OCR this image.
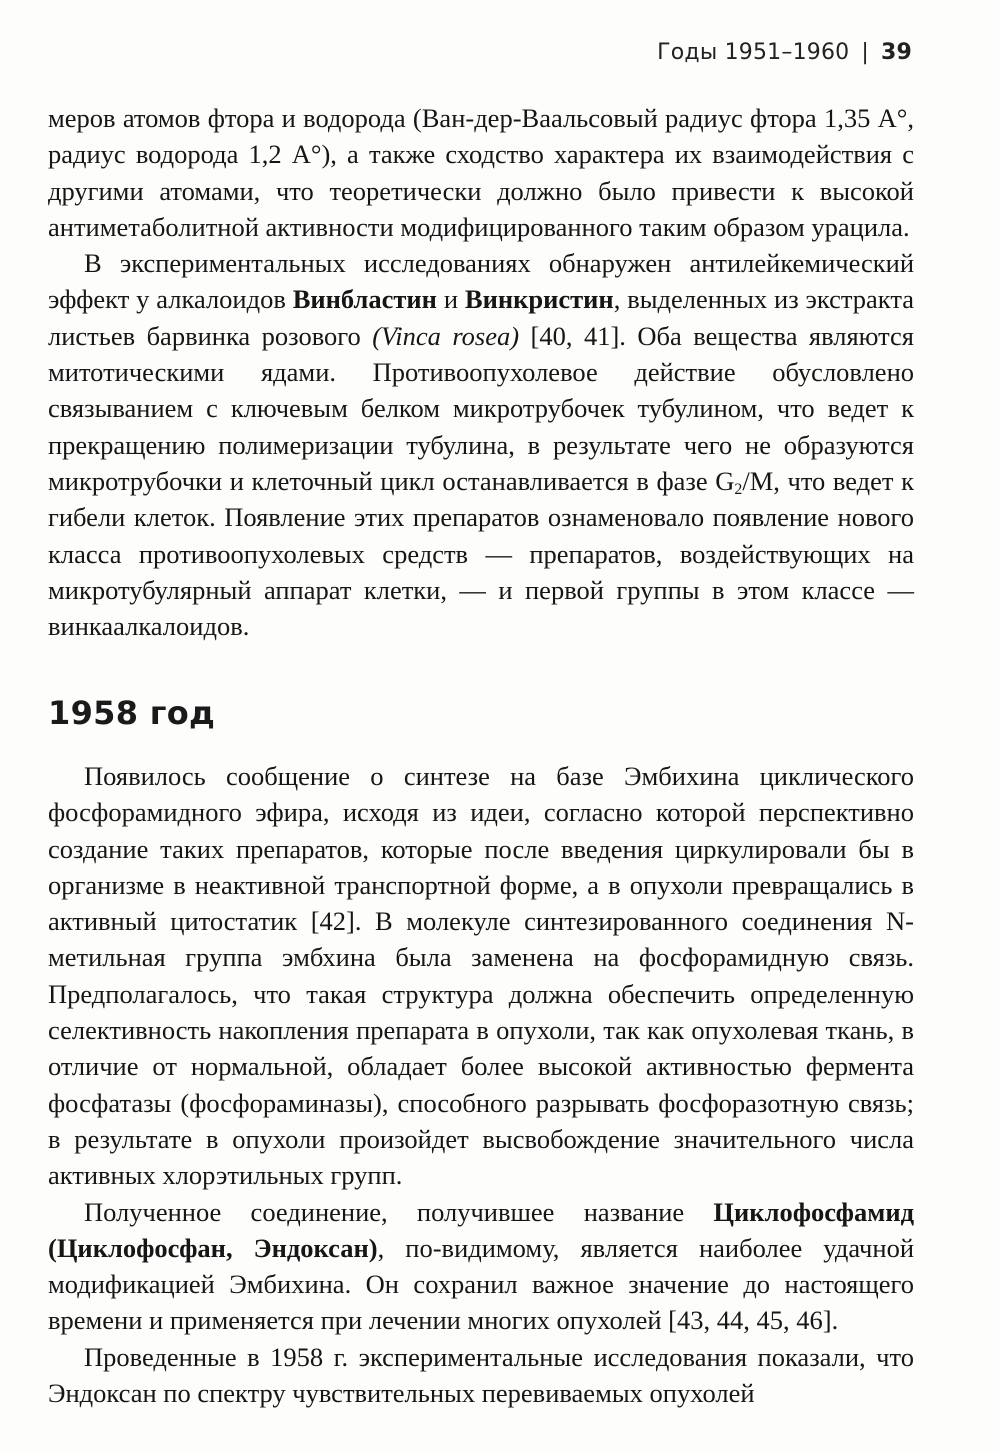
Годы 1951–1960 | 39

меров атомов фтора и водорода (Ван-дер-Ваальсовый радиус фтора 1,35 А°, радиус водорода 1,2 А°), а также сходство характера их взаимодействия с другими атомами, что теоретически должно было привести к высокой антиметаболитной активности модифицированного таким образом урацила.

В экспериментальных исследованиях обнаружен антилейкемический эффект у алкалоидов Винбластин и Винкристин, выделенных из экстракта листьев барвинка розового (Vinca rosea) [40, 41]. Оба вещества являются митотическими ядами. Противоопухолевое действие обусловлено связыванием с ключевым белком микротрубочек тубулином, что ведет к прекращению полимеризации тубулина, в результате чего не образуются микротрубочки и клеточный цикл останавливается в фазе $G_2/M$, что ведет к гибели клеток. Появление этих препаратов ознаменовало появление нового класса противоопухолевых средств — препаратов, воздействующих на микротубулярный аппарат клетки, — и первой группы в этом классе — винкаалкалоидов.

1958 год

Появилось сообщение о синтезе на базе Эмбихина циклического фосфорамидного эфира, исходя из идеи, согласно которой перспективно создание таких препаратов, которые после введения циркулировали бы в организме в неактивной транспортной форме, а в опухоли превращались в активный цитостатик [42]. В молекуле синтезированного соединения N-метильная группа эмбхина была заменена на фосфорамидную связь. Предполагалось, что такая структура должна обеспечить определенную селективность накопления препарата в опухоли, так как опухолевая ткань, в отличие от нормальной, обладает более высокой активностью фермента фосфатазы (фосфораминазы), способного разрывать фосфоразотную связь; в результате в опухоли произойдет высвобождение значительного числа активных хлорэтильных групп.

Полученное соединение, получившее название Циклофосфамид (Циклофосфан, Эндоксан), по-видимому, является наиболее удачной модификацией Эмбихина. Он сохранил важное значение до настоящего времени и применяется при лечении многих опухолей [43, 44, 45, 46].

Проведенные в 1958 г. экспериментальные исследования показали, что Эндоксан по спектру чувствительных перевиваемых опухолей
